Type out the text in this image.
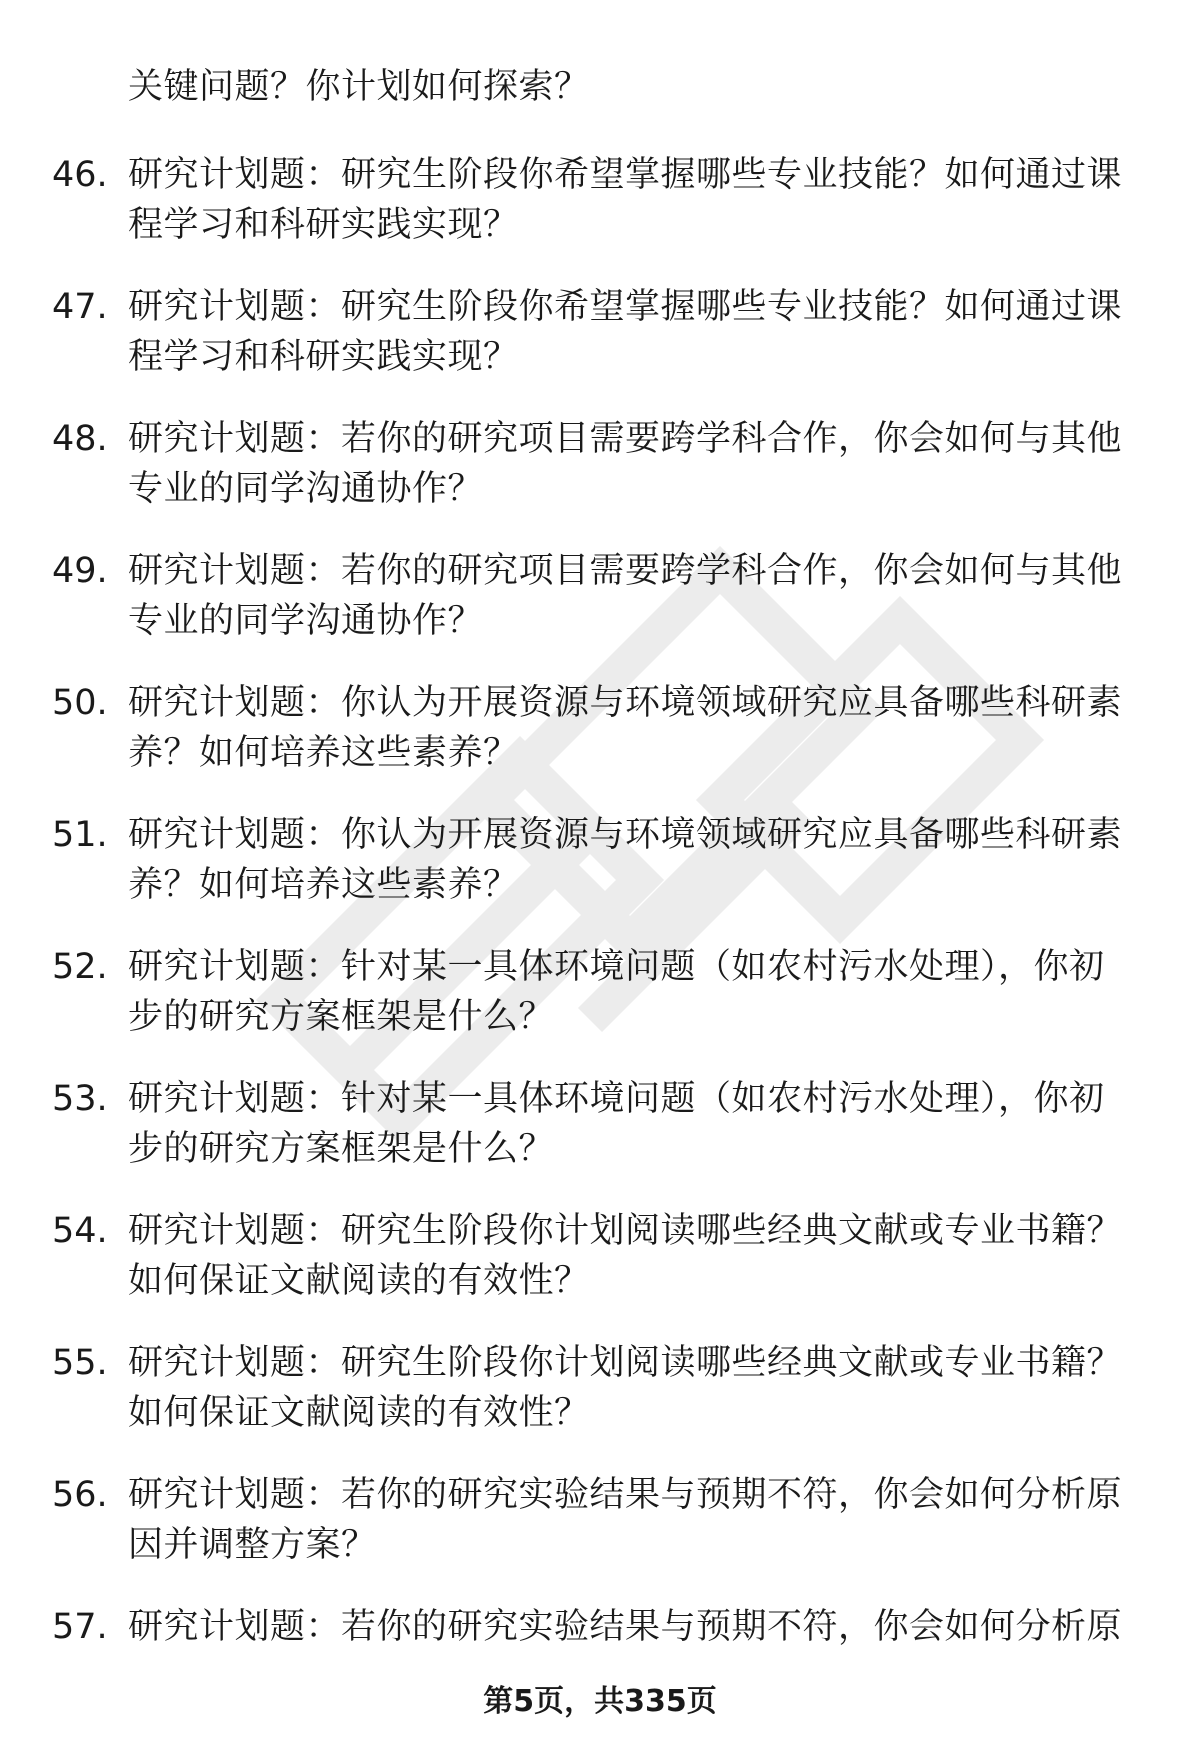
关键问题？你计划如何探索？
46. 研究计划题：研究生阶段你希望掌握哪些专业技能？如何通过课程学习和科研实践实现？
47. 研究计划题：研究生阶段你希望掌握哪些专业技能？如何通过课程学习和科研实践实现？
48. 研究计划题：若你的研究项目需要跨学科合作，你会如何与其他专业的同学沟通协作？
49. 研究计划题：若你的研究项目需要跨学科合作，你会如何与其他专业的同学沟通协作？
50. 研究计划题：你认为开展资源与环境领域研究应具备哪些科研素养？如何培养这些素养？
51. 研究计划题：你认为开展资源与环境领域研究应具备哪些科研素养？如何培养这些素养？
52. 研究计划题：针对某一具体环境问题（如农村污水处理），你初步的研究方案框架是什么？
53. 研究计划题：针对某一具体环境问题（如农村污水处理），你初步的研究方案框架是什么？
54. 研究计划题：研究生阶段你计划阅读哪些经典文献或专业书籍？如何保证文献阅读的有效性？
55. 研究计划题：研究生阶段你计划阅读哪些经典文献或专业书籍？如何保证文献阅读的有效性？
56. 研究计划题：若你的研究实验结果与预期不符，你会如何分析原因并调整方案？
57. 研究计划题：若你的研究实验结果与预期不符，你会如何分析原
第5页，共335页
